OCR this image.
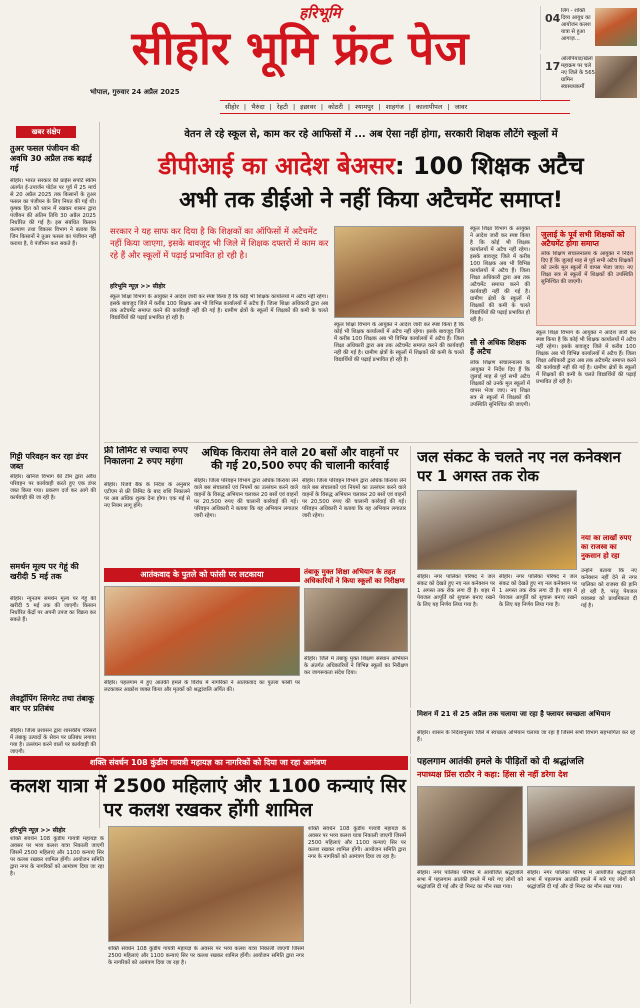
हरिभूमि
सीहोर भूमि फ्रंट पेज
भोपाल, गुरुवार 24 अप्रैल 2025
सीहोर | भैरुंदा | रेहटी | इछावर | कोठरी | श्यामपुर | शाहगंज | कालापीपल | जावर
04
लिंग - शक्ति दिव्य आयुध का आयोजन कलश यात्रा से हुआ आगाज़...
17
ओलंपियाड/खेलों महाक्रम पर चले नए जिले के 565 ग्रामिन स्वास्थयकर्मी
खबर संक्षेप
तुअर फसल पंजीयन की अवधि 30 अप्रैल तक बढ़ाई गई
सीहोर। भारत सरकार की प्राईस सपोर्ट स्कीम अंतर्गत ई-उपार्जन पोर्टल पर पूर्व में 25 मार्च से 20 अप्रैल 2025 तक किसानों के तुअर फसल का पंजीयन के लिए नियत की गई थी। कृषक हित को ध्यान में रखकर शासन द्वारा पंजीयन की अंतिम तिथि 30 अप्रैल 2025 निर्धारित की गई है। इस संबंधित किसान कल्याण तथा विकास विभाग ने बताया कि जिन किसानों ने तुअर फसल का पंजीयन नहीं कराया है, वे पंजीयन करा सकते हैं।
समर्थन मूल्य पर गेहूं की खरीदी 5 मई तक
सीहोर। न्यूनतम समर्थन मूल्य पर गेहूं की खरीदी 5 मई तक की जाएगी। किसान निर्धारित केंद्रों पर अपनी उपज का विक्रय कर सकते हैं।
लेवड्रॉपिंग सिगरेट तथा तंबाकू बार पर प्रतिबंध
सीहोर। जिला प्रशासन द्वारा शासकीय परिसरों में तंबाकू उत्पादों के सेवन पर प्रतिबंध लगाया गया है। उल्लंघन करने वालों पर कार्यवाही की जाएगी।
गिट्टी परिवहन कर रहा डंपर जब्त
सीहोर। खनिज विभाग की टीम द्वारा अवैध परिवहन पर कार्यवाही करते हुए एक डंपर जब्त किया गया। प्रकरण दर्ज कर आगे की कार्यवाही की जा रही है।
वेतन ले रहे स्कूल से, काम कर रहे आफिसों में ... अब ऐसा नहीं होगा, सरकारी शिक्षक लौटेंगे स्कूलों में
डीपीआई का आदेश बेअसर: 100 शिक्षक अटैच
अभी तक डीईओ ने नहीं किया अटैचमेंट समाप्त!
सरकार ने यह साफ कर दिया है कि शिक्षकों का ऑफिसों में अटैचमेंट नहीं किया जाएगा, इसके बावजूद भी जिले में शिक्षक दफ्तरों में काम कर रहे हैं और स्कूलों में पढ़ाई प्रभावित हो रही है।
हरिभूमि न्यूज़ >> सीहोर
स्कूल शिक्षा विभाग के आयुक्त ने आदेश जारी कर स्पष्ट किया है कि कोई भी शिक्षक कार्यालयों में अटैच नहीं रहेगा। इसके बावजूद जिले में करीब 100 शिक्षक अब भी विभिन्न कार्यालयों में अटैच हैं। जिला शिक्षा अधिकारी द्वारा अब तक अटैचमेंट समाप्त करने की कार्यवाही नहीं की गई है। ग्रामीण क्षेत्रों के स्कूलों में शिक्षकों की कमी के चलते विद्यार्थियों की पढ़ाई प्रभावित हो रही है।
स्कूल शिक्षा विभाग के आयुक्त ने आदेश जारी कर स्पष्ट किया है कि कोई भी शिक्षक कार्यालयों में अटैच नहीं रहेगा। इसके बावजूद जिले में करीब 100 शिक्षक अब भी विभिन्न कार्यालयों में अटैच हैं। जिला शिक्षा अधिकारी द्वारा अब तक अटैचमेंट समाप्त करने की कार्यवाही नहीं की गई है। ग्रामीण क्षेत्रों के स्कूलों में शिक्षकों की कमी के चलते विद्यार्थियों की पढ़ाई प्रभावित हो रही है।
स्कूल शिक्षा विभाग के आयुक्त ने आदेश जारी कर स्पष्ट किया है कि कोई भी शिक्षक कार्यालयों में अटैच नहीं रहेगा। इसके बावजूद जिले में करीब 100 शिक्षक अब भी विभिन्न कार्यालयों में अटैच हैं। जिला शिक्षा अधिकारी द्वारा अब तक अटैचमेंट समाप्त करने की कार्यवाही नहीं की गई है। ग्रामीण क्षेत्रों के स्कूलों में शिक्षकों की कमी के चलते विद्यार्थियों की पढ़ाई प्रभावित हो रही है।
सौ से अधिक शिक्षक हैं अटैच
लोक शिक्षण संचालनालय के आयुक्त ने निर्देश दिए हैं कि जुलाई माह से पूर्व सभी अटैच शिक्षकों को उनके मूल स्कूलों में वापस भेजा जाए। नए शिक्षा सत्र से स्कूलों में शिक्षकों की उपस्थिति सुनिश्चित की जाएगी।
जुलाई के पूर्व सभी शिक्षकों को अटैचमेंट होगा समाप्त
लोक शिक्षण संचालनालय के आयुक्त ने निर्देश दिए हैं कि जुलाई माह से पूर्व सभी अटैच शिक्षकों को उनके मूल स्कूलों में वापस भेजा जाए। नए शिक्षा सत्र से स्कूलों में शिक्षकों की उपस्थिति सुनिश्चित की जाएगी।
स्कूल शिक्षा विभाग के आयुक्त ने आदेश जारी कर स्पष्ट किया है कि कोई भी शिक्षक कार्यालयों में अटैच नहीं रहेगा। इसके बावजूद जिले में करीब 100 शिक्षक अब भी विभिन्न कार्यालयों में अटैच हैं। जिला शिक्षा अधिकारी द्वारा अब तक अटैचमेंट समाप्त करने की कार्यवाही नहीं की गई है। ग्रामीण क्षेत्रों के स्कूलों में शिक्षकों की कमी के चलते विद्यार्थियों की पढ़ाई प्रभावित हो रही है।
फ्री लिमिट से ज्यादा रुपए निकालना 2 रुपए महंगा
सीहोर। रिजर्व बैंक के निर्देश के अनुसार एटीएम से फ्री लिमिट के बाद राशि निकालने पर अब अधिक शुल्क देना होगा। एक मई से नए नियम लागू होंगे।
अधिक किराया लेने वाले 20 बसों और वाहनों पर की गई 20,500 रुपए की चालानी कार्रवाई
सीहोर। जिला परिवहन विभाग द्वारा अधिक किराया लेने वाले बस संचालकों एवं नियमों का उल्लंघन करने वाले वाहनों के विरुद्ध अभियान चलाकर 20 बसों एवं वाहनों पर 20,500 रुपए की चालानी कार्रवाई की गई। परिवहन अधिकारी ने बताया कि यह अभियान लगातार जारी रहेगा।
सीहोर। जिला परिवहन विभाग द्वारा अधिक किराया लेने वाले बस संचालकों एवं नियमों का उल्लंघन करने वाले वाहनों के विरुद्ध अभियान चलाकर 20 बसों एवं वाहनों पर 20,500 रुपए की चालानी कार्रवाई की गई। परिवहन अधिकारी ने बताया कि यह अभियान लगातार जारी रहेगा।
जल संकट के चलते नए नल कनेक्शन पर 1 अगस्त तक रोक
सीहोर। नगर पालिका परिषद ने जल संकट को देखते हुए नए नल कनेक्शन पर 1 अगस्त तक रोक लगा दी है। शहर में पेयजल आपूर्ति को सुचारू बनाए रखने के लिए यह निर्णय लिया गया है।
सीहोर। नगर पालिका परिषद ने जल संकट को देखते हुए नए नल कनेक्शन पर 1 अगस्त तक रोक लगा दी है। शहर में पेयजल आपूर्ति को सुचारू बनाए रखने के लिए यह निर्णय लिया गया है।
नया का लाखों रुपए का राजस्व का नुकसान हो रहा
उन्होंने बताया कि नए कनेक्शन नहीं देने से नगर पालिका को राजस्व की हानि हो रही है, परंतु पेयजल व्यवस्था को प्राथमिकता दी गई है।
आतंकवाद के पुतले को फांसी पर लटकाया
सीहोर। पहलगाम में हुए आतंकी हमले के विरोध में नागरिकों ने आतंकवाद का पुतला फांसी पर लटकाकर आक्रोश व्यक्त किया और मृतकों को श्रद्धांजलि अर्पित की।
तंबाकू मुक्त शिक्षा अभियान के तहत अधिकारियों ने किया स्कूलों का निरीक्षण
सीहोर। जिले में तंबाकू मुक्त शिक्षण संस्थान अभियान के अंतर्गत अधिकारियों ने विभिन्न स्कूलों का निरीक्षण कर जागरूकता संदेश दिया।
मिशन में 21 से 25 अप्रैल तक चलाया जा रहा है फ्लायर स्वच्छता अभियान
सीहोर। शासन के निर्देशानुसार जिले में स्वच्छता अभियान चलाया जा रहा है जिसमें सभी विभाग सहभागिता कर रहे हैं।
शक्ति संवर्धन 108 कुंडीय गायत्री महायज्ञ का नागरिकों को दिया जा रहा आमंत्रण
कलश यात्रा में 2500 महिलाएं और 1100 कन्याएं सिर पर कलश रखकर होंगी शामिल
हरिभूमि न्यूज़ >> सीहोर
शक्ति संवर्धन 108 कुंडीय गायत्री महायज्ञ के अवसर पर भव्य कलश यात्रा निकाली जाएगी जिसमें 2500 महिलाएं और 1100 कन्याएं सिर पर कलश रखकर शामिल होंगी। आयोजन समिति द्वारा नगर के नागरिकों को आमंत्रण दिया जा रहा है।
शक्ति संवर्धन 108 कुंडीय गायत्री महायज्ञ के अवसर पर भव्य कलश यात्रा निकाली जाएगी जिसमें 2500 महिलाएं और 1100 कन्याएं सिर पर कलश रखकर शामिल होंगी। आयोजन समिति द्वारा नगर के नागरिकों को आमंत्रण दिया जा रहा है।
शक्ति संवर्धन 108 कुंडीय गायत्री महायज्ञ के अवसर पर भव्य कलश यात्रा निकाली जाएगी जिसमें 2500 महिलाएं और 1100 कन्याएं सिर पर कलश रखकर शामिल होंगी। आयोजन समिति द्वारा नगर के नागरिकों को आमंत्रण दिया जा रहा है।
पहलगाम आतंकी हमले के पीड़ितों को दी श्रद्धांजलि
नपाध्यक्ष प्रिंस राठौर ने कहा: हिंसा से नहीं डरेगा देश
सीहोर। नगर पालिका परिषद में आयोजित श्रद्धांजलि सभा में पहलगाम आतंकी हमले में मारे गए लोगों को श्रद्धांजलि दी गई और दो मिनट का मौन रखा गया।
सीहोर। नगर पालिका परिषद में आयोजित श्रद्धांजलि सभा में पहलगाम आतंकी हमले में मारे गए लोगों को श्रद्धांजलि दी गई और दो मिनट का मौन रखा गया।
